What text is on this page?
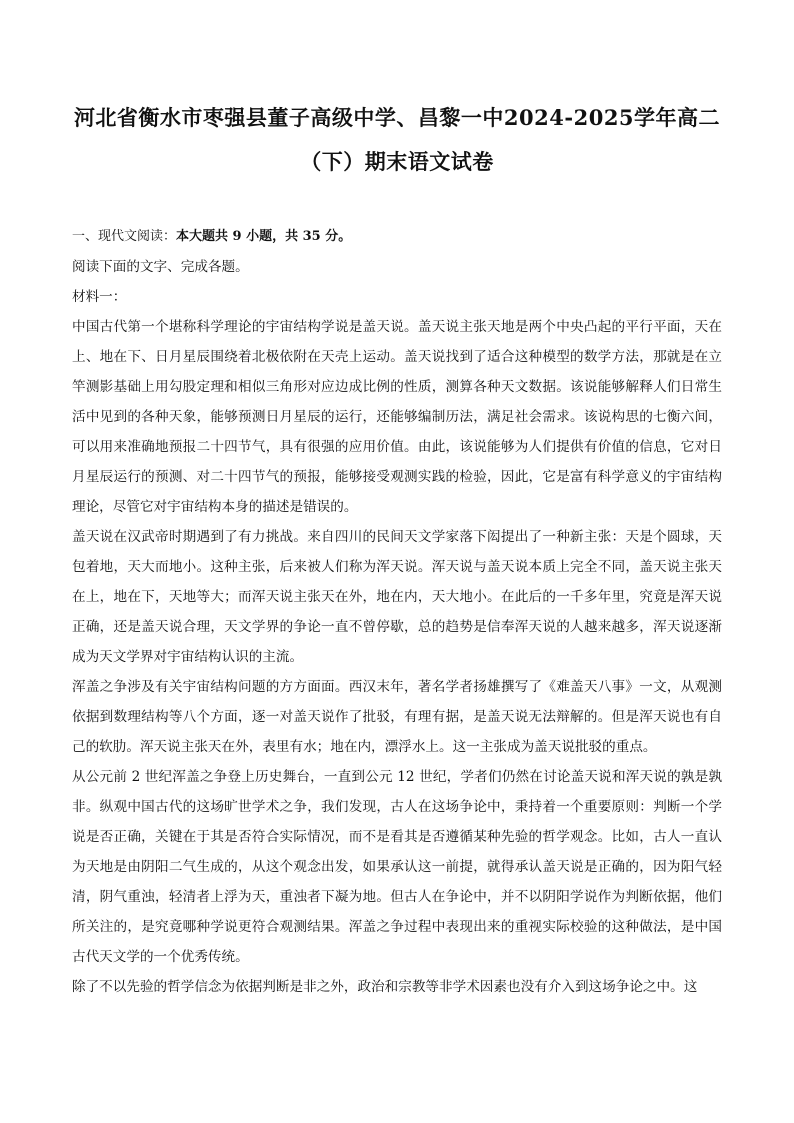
河北省衡水市枣强县董子高级中学、昌黎一中2024-2025学年高二
（下）期末语文试卷
一、现代文阅读：本大题共 9 小题，共 35 分。
阅读下面的文字、完成各题。
材料一：
中国古代第一个堪称科学理论的宇宙结构学说是盖天说。盖天说主张天地是两个中央凸起的平行平面，天在上、地在下、日月星辰围绕着北极依附在天壳上运动。盖天说找到了适合这种模型的数学方法，那就是在立竿测影基础上用勾股定理和相似三角形对应边成比例的性质，测算各种天文数据。该说能够解释人们日常生活中见到的各种天象，能够预测日月星辰的运行，还能够编制历法，满足社会需求。该说构思的七衡六间，可以用来准确地预报二十四节气，具有很强的应用价值。由此，该说能够为人们提供有价值的信息，它对日月星辰运行的预测、对二十四节气的预报，能够接受观测实践的检验，因此，它是富有科学意义的宇宙结构理论，尽管它对宇宙结构本身的描述是错误的。
盖天说在汉武帝时期遇到了有力挑战。来自四川的民间天文学家落下闳提出了一种新主张：天是个圆球，天包着地，天大而地小。这种主张，后来被人们称为浑天说。浑天说与盖天说本质上完全不同，盖天说主张天在上，地在下，天地等大；而浑天说主张天在外，地在内，天大地小。在此后的一千多年里，究竟是浑天说正确，还是盖天说合理，天文学界的争论一直不曾停歇，总的趋势是信奉浑天说的人越来越多，浑天说逐渐成为天文学界对宇宙结构认识的主流。
浑盖之争涉及有关宇宙结构问题的方方面面。西汉末年，著名学者扬雄撰写了《难盖天八事》一文，从观测依据到数理结构等八个方面，逐一对盖天说作了批驳，有理有据，是盖天说无法辩解的。但是浑天说也有自己的软肋。浑天说主张天在外，表里有水；地在内，漂浮水上。这一主张成为盖天说批驳的重点。
从公元前 2 世纪浑盖之争登上历史舞台，一直到公元 12 世纪，学者们仍然在讨论盖天说和浑天说的孰是孰非。纵观中国古代的这场旷世学术之争，我们发现，古人在这场争论中，秉持着一个重要原则：判断一个学说是否正确，关键在于其是否符合实际情况，而不是看其是否遵循某种先验的哲学观念。比如，古人一直认为天地是由阴阳二气生成的，从这个观念出发，如果承认这一前提，就得承认盖天说是正确的，因为阳气轻清，阴气重浊，轻清者上浮为天，重浊者下凝为地。但古人在争论中，并不以阴阳学说作为判断依据，他们所关注的，是究竟哪种学说更符合观测结果。浑盖之争过程中表现出来的重视实际校验的这种做法，是中国古代天文学的一个优秀传统。
除了不以先验的哲学信念为依据判断是非之外，政治和宗教等非学术因素也没有介入到这场争论之中。这
